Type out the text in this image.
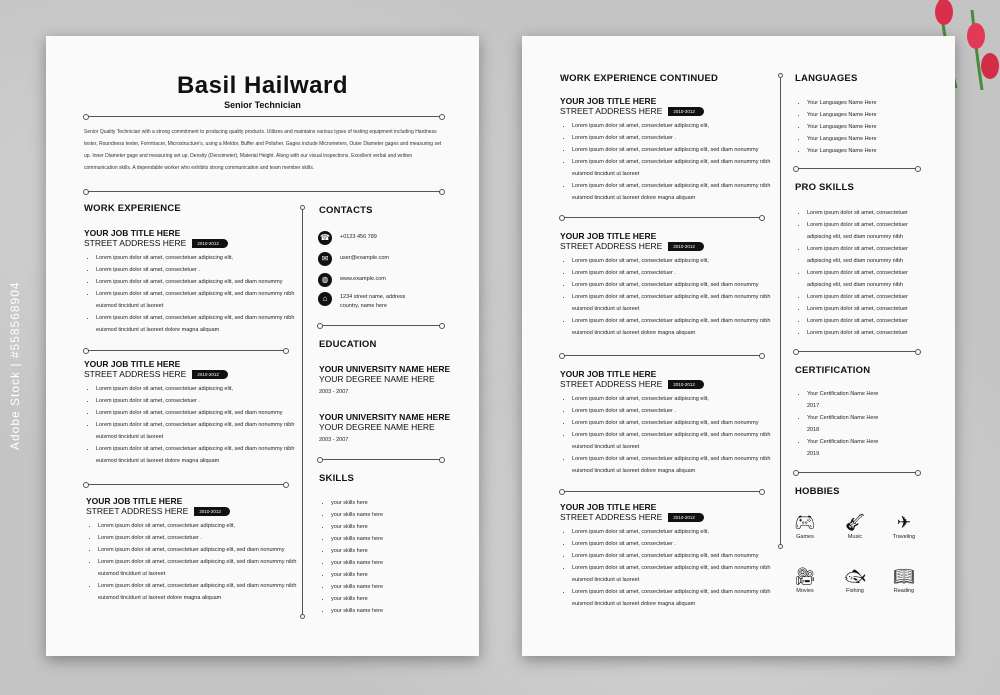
Adobe Stock | #558568904
Basil Hailward
Senior Technician
Senior Quality Technician with a strong commitment to producing quality products. Utilizes and maintains various types of testing equipment including Hardness tester, Roundness tester, Formtracer, Microstructure's, using a Meldor, Buffer and Polisher. Gages include Micrometers, Outer Diameter gages and measuring set up. Inner Diameter gage and measuring set up. Density (Densimeter), Material Height. Along with our visual inspections. Excellent verbal and written communication skills. A dependable worker who exhibits strong communication and team member skills.
WORK EXPERIENCE
YOUR JOB TITLE HERE
STREET ADDRESS HERE	2010-2012
• Lorem ipsum dolor sit amet, consectetuer adipiscing elit,
• Lorem ipsum dolor sit amet, consectetuer .
• Lorem ipsum dolor sit amet, consectetuer adipiscing elit, sed diam nonummy
• Lorem ipsum dolor sit amet, consectetuer adipiscing elit, sed diam nonummy nibh euismod tincidunt ut laoreet
• Lorem ipsum dolor sit amet, consectetuer adipiscing elit, sed diam nonummy nibh euismod tincidunt ut laoreet dolore magna aliquam
YOUR JOB TITLE HERE
STREET ADDRESS HERE	2010-2012
• Lorem ipsum dolor sit amet, consectetuer adipiscing elit,
• Lorem ipsum dolor sit amet, consectetuer .
• Lorem ipsum dolor sit amet, consectetuer adipiscing elit, sed diam nonummy
• Lorem ipsum dolor sit amet, consectetuer adipiscing elit, sed diam nonummy nibh euismod tincidunt ut laoreet
• Lorem ipsum dolor sit amet, consectetuer adipiscing elit, sed diam nonummy nibh euismod tincidunt ut laoreet dolore magna aliquam
YOUR JOB TITLE HERE
STREET ADDRESS HERE	2010-2012
• Lorem ipsum dolor sit amet, consectetuer adipiscing elit,
• Lorem ipsum dolor sit amet, consectetuer .
• Lorem ipsum dolor sit amet, consectetuer adipiscing elit, sed diam nonummy
• Lorem ipsum dolor sit amet, consectetuer adipiscing elit, sed diam nonummy nibh euismod tincidunt ut laoreet
• Lorem ipsum dolor sit amet, consectetuer adipiscing elit, sed diam nonummy nibh euismod tincidunt ut laoreet dolore magna aliquam
CONTACTS
☎	+0123 456 789
✉	user@example.com
◍	www.example.com
⌂	1234 street name, address country, name here
EDUCATION
YOUR UNIVERSITY NAME HERE
YOUR DEGREE NAME HERE
2003 - 2007
YOUR UNIVERSITY NAME HERE
YOUR DEGREE NAME HERE
2003 - 2007
SKILLS
• your skills here
• your skills name here
• your skills here
• your skills name here
• your skills here
• your skills name here
• your skills here
• your skills name here
• your skills here
• your skills name here
WORK EXPERIENCE CONTINUED
YOUR JOB TITLE HERE
STREET ADDRESS HERE	2010-2012
• Lorem ipsum dolor sit amet, consectetuer adipiscing elit,
• Lorem ipsum dolor sit amet, consectetuer .
• Lorem ipsum dolor sit amet, consectetuer adipiscing elit, sed diam nonummy
• Lorem ipsum dolor sit amet, consectetuer adipiscing elit, sed diam nonummy nibh euismod tincidunt ut laoreet
• Lorem ipsum dolor sit amet, consectetuer adipiscing elit, sed diam nonummy nibh euismod tincidunt ut laoreet dolore magna aliquam
YOUR JOB TITLE HERE
STREET ADDRESS HERE	2010-2012
• Lorem ipsum dolor sit amet, consectetuer adipiscing elit,
• Lorem ipsum dolor sit amet, consectetuer .
• Lorem ipsum dolor sit amet, consectetuer adipiscing elit, sed diam nonummy
• Lorem ipsum dolor sit amet, consectetuer adipiscing elit, sed diam nonummy nibh euismod tincidunt ut laoreet
• Lorem ipsum dolor sit amet, consectetuer adipiscing elit, sed diam nonummy nibh euismod tincidunt ut laoreet dolore magna aliquam
YOUR JOB TITLE HERE
STREET ADDRESS HERE	2010-2012
• Lorem ipsum dolor sit amet, consectetuer adipiscing elit,
• Lorem ipsum dolor sit amet, consectetuer .
• Lorem ipsum dolor sit amet, consectetuer adipiscing elit, sed diam nonummy
• Lorem ipsum dolor sit amet, consectetuer adipiscing elit, sed diam nonummy nibh euismod tincidunt ut laoreet
• Lorem ipsum dolor sit amet, consectetuer adipiscing elit, sed diam nonummy nibh euismod tincidunt ut laoreet dolore magna aliquam
YOUR JOB TITLE HERE
STREET ADDRESS HERE	2010-2012
• Lorem ipsum dolor sit amet, consectetuer adipiscing elit,
• Lorem ipsum dolor sit amet, consectetuer .
• Lorem ipsum dolor sit amet, consectetuer adipiscing elit, sed diam nonummy
• Lorem ipsum dolor sit amet, consectetuer adipiscing elit, sed diam nonummy nibh euismod tincidunt ut laoreet
• Lorem ipsum dolor sit amet, consectetuer adipiscing elit, sed diam nonummy nibh euismod tincidunt ut laoreet dolore magna aliquam
LANGUAGES
• Your Languages Name Here
• Your Languages Name Here
• Your Languages Name Here
• Your Languages Name Here
• Your Languages Name Here
PRO SKILLS
• Lorem ipsum dolor sit amet, consectetuer
• Lorem ipsum dolor sit amet, consectetuer adipiscing elit, sed diam nonummy nibh
• Lorem ipsum dolor sit amet, consectetuer adipiscing elit, sed diam nonummy nibh
• Lorem ipsum dolor sit amet, consectetuer adipiscing elit, sed diam nonummy nibh
• Lorem ipsum dolor sit amet, consectetuer
• Lorem ipsum dolor sit amet, consectetuer
• Lorem ipsum dolor sit amet, consectetuer
• Lorem ipsum dolor sit amet, consectetuer
CERTIFICATION
• Your Certification Name Here
2017
• Your Certification Name Here
2018
• Your Certification Name Here
2019
HOBBIES
🎮︎
Games
🎸︎
Music
✈
Traveling
🎥︎
Movies
🐟︎
Fishing
📖︎
Reading
